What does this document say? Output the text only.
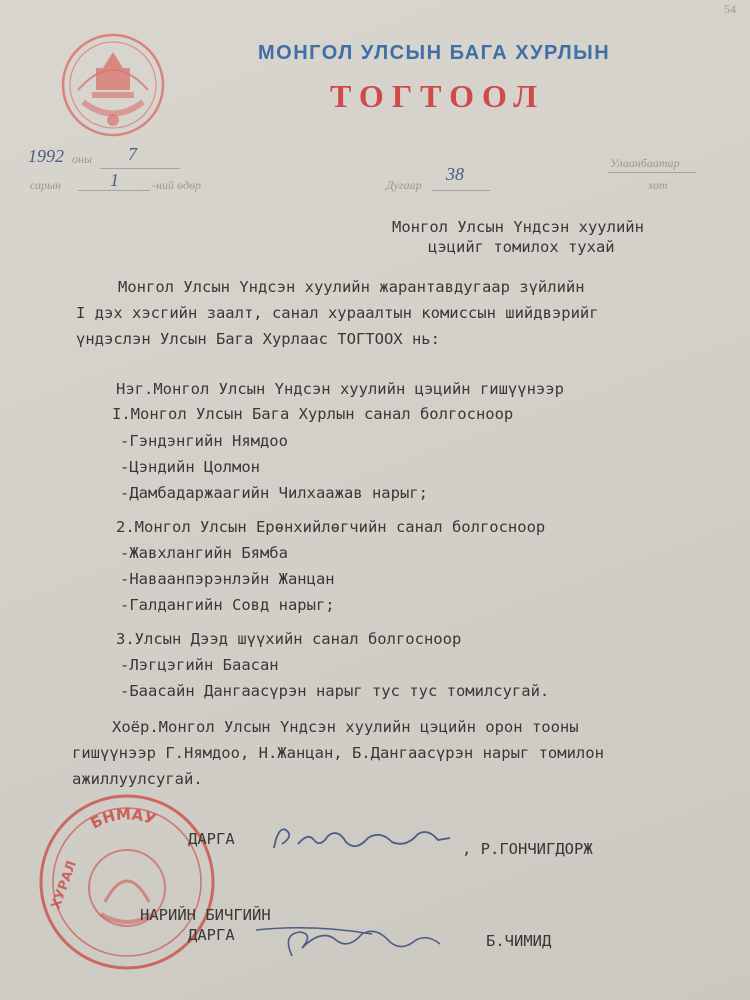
54
МОНГОЛ УЛСЫН БАГА ХУРЛЫН
ТОГТООЛ
1992 оны 7
сарын	1	-ний өдөр	Дугаар
38
Улаанбаатар
хот
Монгол Улсын Үндсэн хуулийн
цэцийг томилох тухай
Монгол Улсын Үндсэн хуулийн жарантавдугаар зүйлийн
I дэх хэсгийн заалт, санал хураалтын комиссын шийдвэрийг
үндэслэн Улсын Бага Хурлаас ТОГТООХ нь:
Нэг.Монгол Улсын Үндсэн хуулийн цэцийн гишүүнээр
I.Монгол Улсын Бага Хурлын санал болгосноор
-Гэндэнгийн Нямдоо
-Цэндийн Цолмон
-Дамбадаржаагийн Чилхаажав нарыг;
2.Монгол Улсын Ерөнхийлөгчийн санал болгосноор
-Жавхлангийн Бямба
-Наваанпэрэнлэйн Жанцан
-Галдангийн Совд нарыг;
3.Улсын Дээд шүүхийн санал болгосноор
-Лэгцэгийн Баасан
-Баасайн Дангаасүрэн нарыг тус тус томилсугай.
Хоёр.Монгол Улсын Үндсэн хуулийн цэцийн орон тооны
гишүүнээр Г.Нямдоо, Н.Жанцан, Б.Дангаасүрэн нарыг томилон
ажиллуулсугай.
БНМАУ
ХУРАЛ
ДАРГА
, Р.ГОНЧИГДОРЖ
НАРИЙН БИЧГИЙН
ДАРГА	Б.ЧИМИД
